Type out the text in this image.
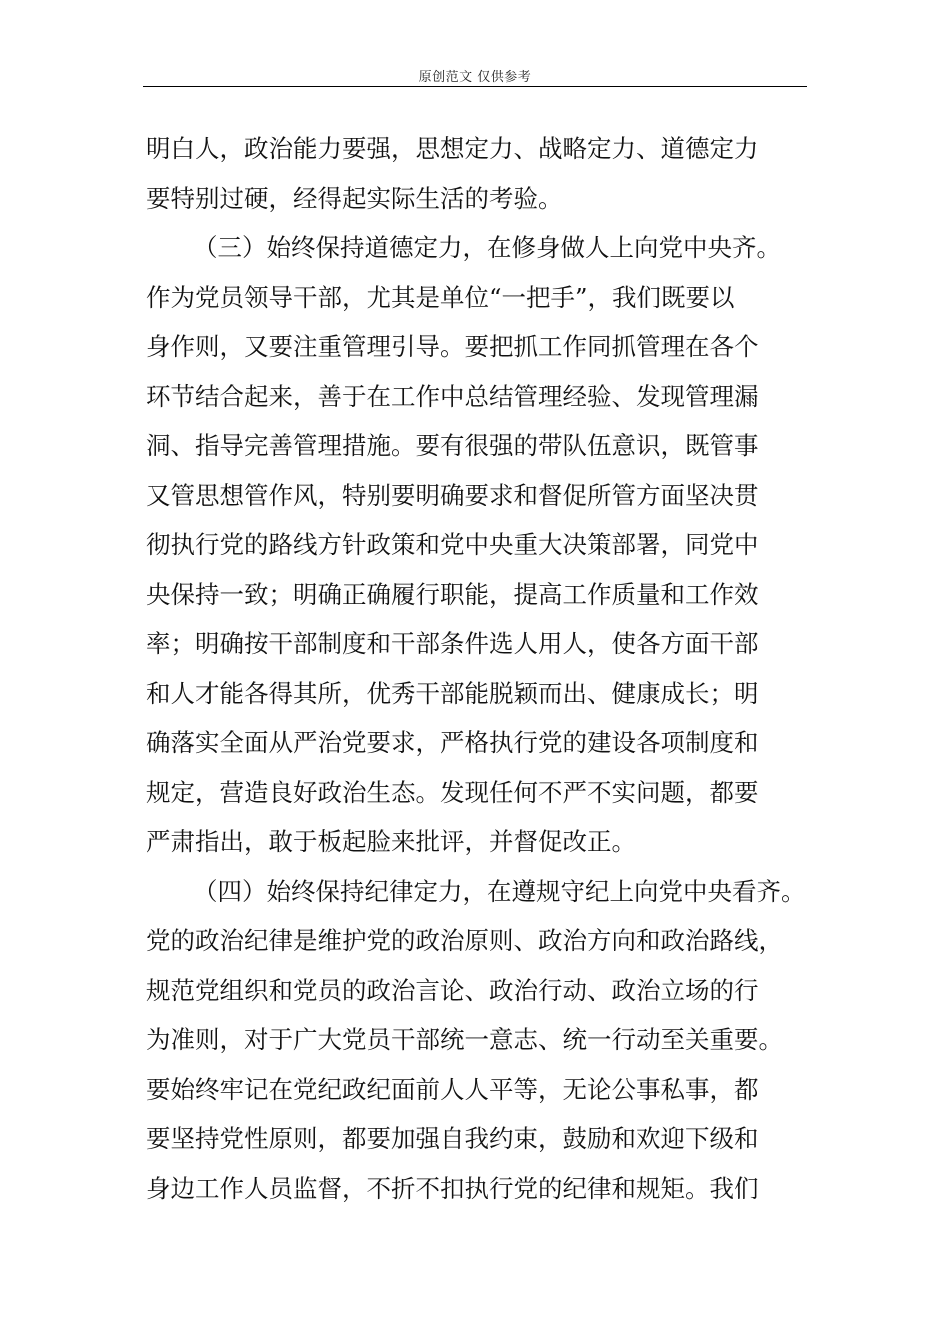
原创范文 仅供参考
明白人，政治能力要强，思想定力、战略定力、道德定力
要特别过硬，经得起实际生活的考验。
（三）始终保持道德定力，在修身做人上向党中央齐。
作为党员领导干部，尤其是单位“一把手”，我们既要以
身作则，又要注重管理引导。要把抓工作同抓管理在各个
环节结合起来，善于在工作中总结管理经验、发现管理漏
洞、指导完善管理措施。要有很强的带队伍意识，既管事
又管思想管作风，特别要明确要求和督促所管方面坚决贯
彻执行党的路线方针政策和党中央重大决策部署，同党中
央保持一致；明确正确履行职能，提高工作质量和工作效
率；明确按干部制度和干部条件选人用人，使各方面干部
和人才能各得其所，优秀干部能脱颖而出、健康成长；明
确落实全面从严治党要求，严格执行党的建设各项制度和
规定，营造良好政治生态。发现任何不严不实问题，都要
严肃指出，敢于板起脸来批评，并督促改正。
（四）始终保持纪律定力，在遵规守纪上向党中央看齐。
党的政治纪律是维护党的政治原则、政治方向和政治路线，
规范党组织和党员的政治言论、政治行动、政治立场的行
为准则，对于广大党员干部统一意志、统一行动至关重要。
要始终牢记在党纪政纪面前人人平等，无论公事私事，都
要坚持党性原则，都要加强自我约束，鼓励和欢迎下级和
身边工作人员监督，不折不扣执行党的纪律和规矩。我们
